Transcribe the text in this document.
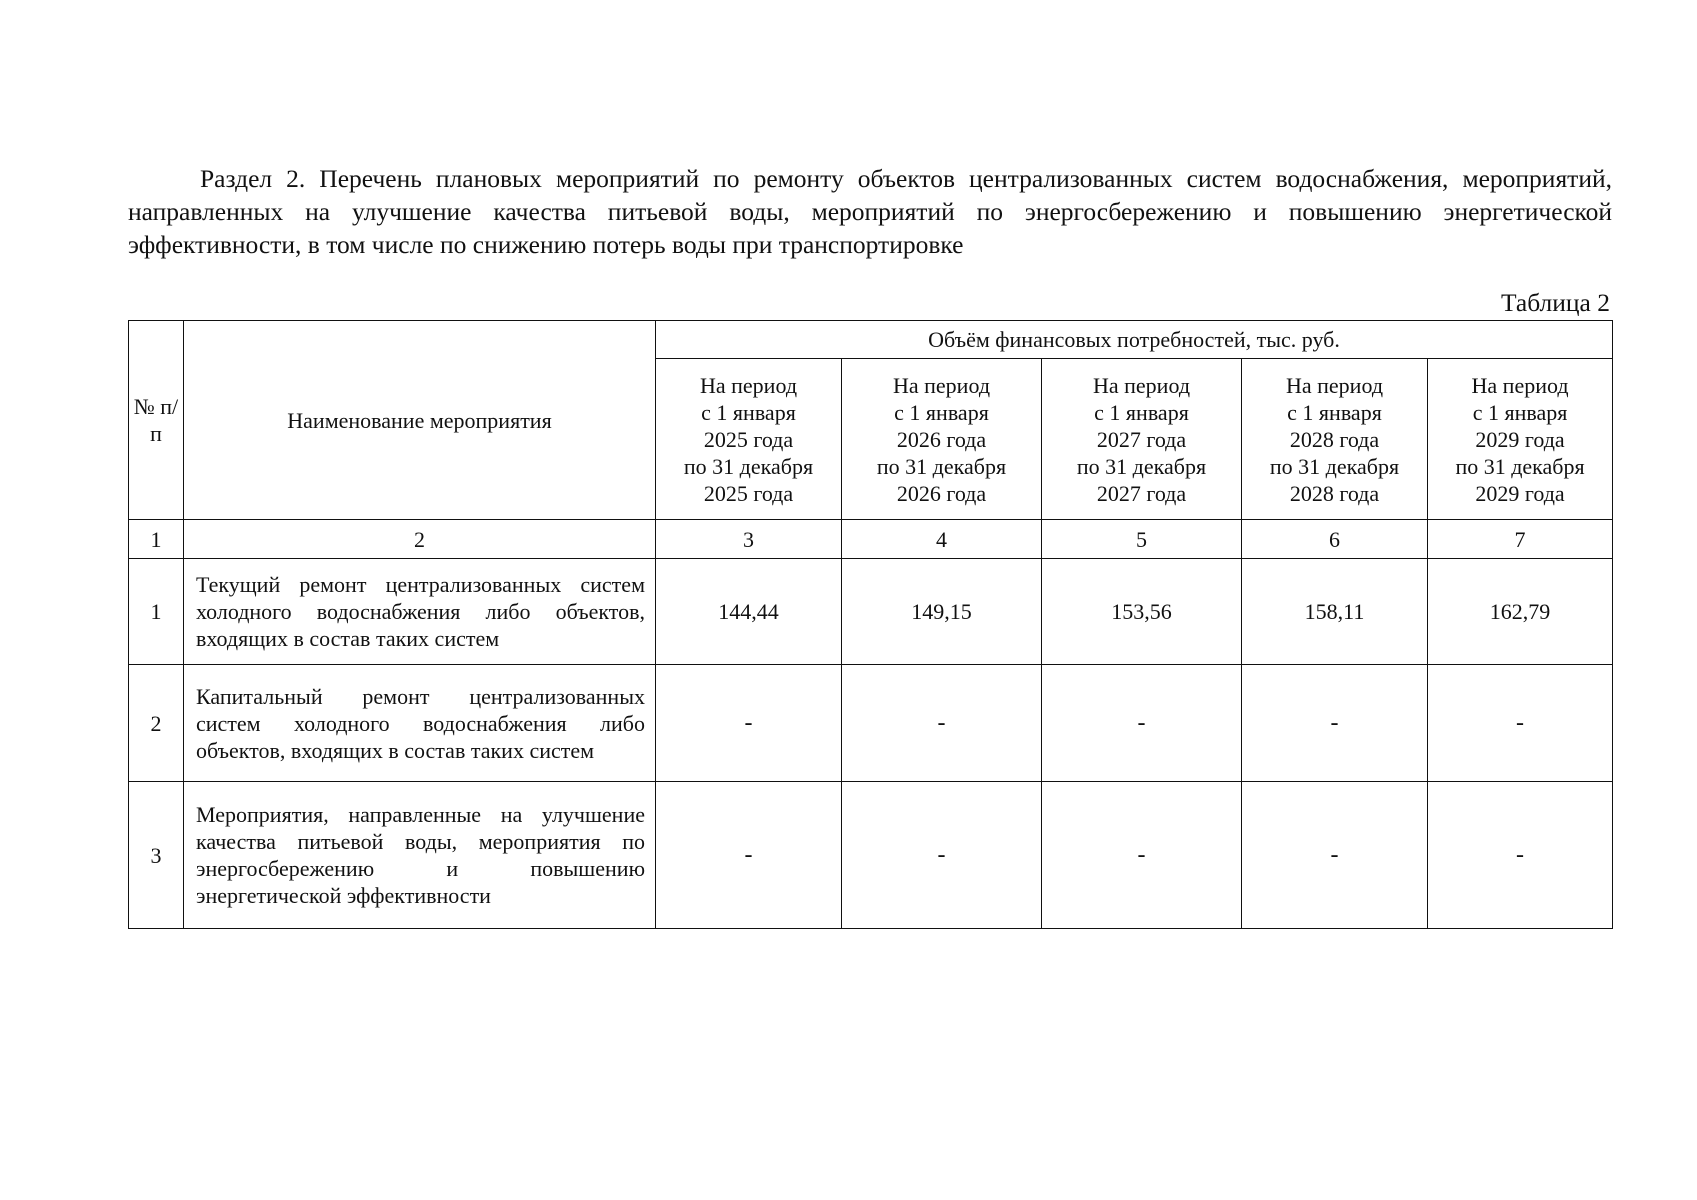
Раздел 2. Перечень плановых мероприятий по ремонту объектов централизованных систем водоснабжения, мероприятий, направленных на улучшение качества питьевой воды, мероприятий по энергосбережению и повышению энергетической эффективности, в том числе по снижению потерь воды при транспортировке

Таблица 2

№ п/п	Наименование мероприятия	Объём финансовых потребностей, тыс. руб.				

		На период
с 1 января
2025 года
по 31 декабря
2025 года	На период
с 1 января
2026 года
по 31 декабря
2026 года	На период
с 1 января
2027 года
по 31 декабря
2027 года	На период
с 1 января
2028 года
по 31 декабря
2028 года	На период
с 1 января
2029 года
по 31 декабря
2029 года

1	2	3	4	5	6	7
1	Текущий ремонт централизованных систем холодного водоснабжения либо объектов, входящих в состав таких систем	144,44	149,15	153,56	158,11	162,79
2	Капитальный ремонт централизованных систем холодного водоснабжения либо объектов, входящих в состав таких систем	-	-	-	-	-
3	Мероприятия, направленные на улучшение качества питьевой воды, мероприятия по энергосбережению и повышению энергетической эффективности	-	-	-	-	-
